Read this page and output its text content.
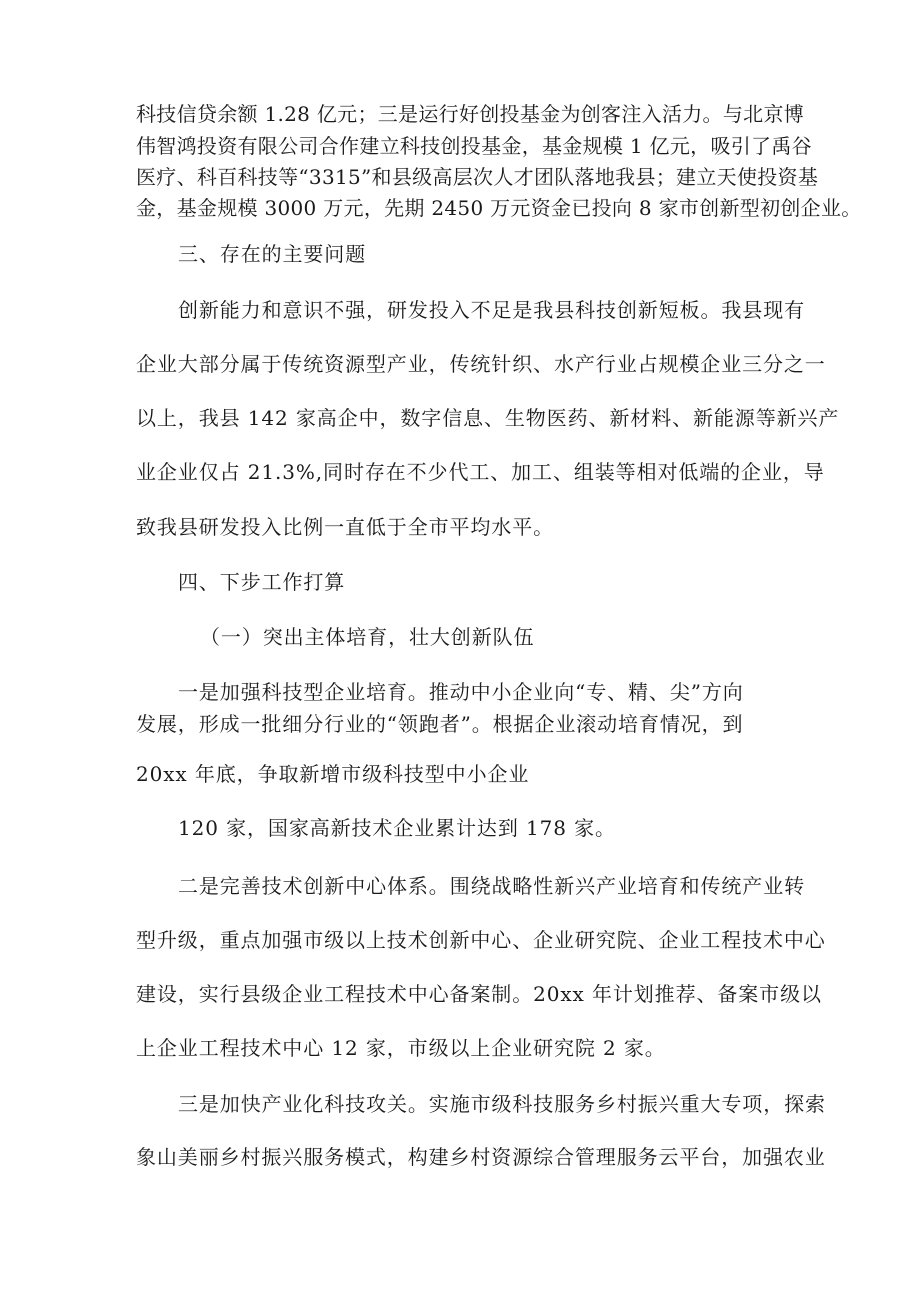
科技信贷余额 1.28 亿元；三是运行好创投基金为创客注入活力。与北京博
伟智鸿投资有限公司合作建立科技创投基金，基金规模 1 亿元，吸引了禹谷
医疗、科百科技等“3315”和县级高层次人才团队落地我县；建立天使投资基
金，基金规模 3000 万元，先期 2450 万元资金已投向 8 家市创新型初创企业。
三、存在的主要问题
创新能力和意识不强，研发投入不足是我县科技创新短板。我县现有
企业大部分属于传统资源型产业，传统针织、水产行业占规模企业三分之一
以上，我县 142 家高企中，数字信息、生物医药、新材料、新能源等新兴产
业企业仅占 21.3%,同时存在不少代工、加工、组装等相对低端的企业，导
致我县研发投入比例一直低于全市平均水平。
四、下步工作打算
（一）突出主体培育，壮大创新队伍
一是加强科技型企业培育。推动中小企业向“专、精、尖”方向
发展，形成一批细分行业的“领跑者”。根据企业滚动培育情况，到
20xx 年底，争取新增市级科技型中小企业
120 家，国家高新技术企业累计达到 178 家。
二是完善技术创新中心体系。围绕战略性新兴产业培育和传统产业转
型升级，重点加强市级以上技术创新中心、企业研究院、企业工程技术中心
建设，实行县级企业工程技术中心备案制。20xx 年计划推荐、备案市级以
上企业工程技术中心 12 家，市级以上企业研究院 2 家。
三是加快产业化科技攻关。实施市级科技服务乡村振兴重大专项，探索
象山美丽乡村振兴服务模式，构建乡村资源综合管理服务云平台，加强农业
